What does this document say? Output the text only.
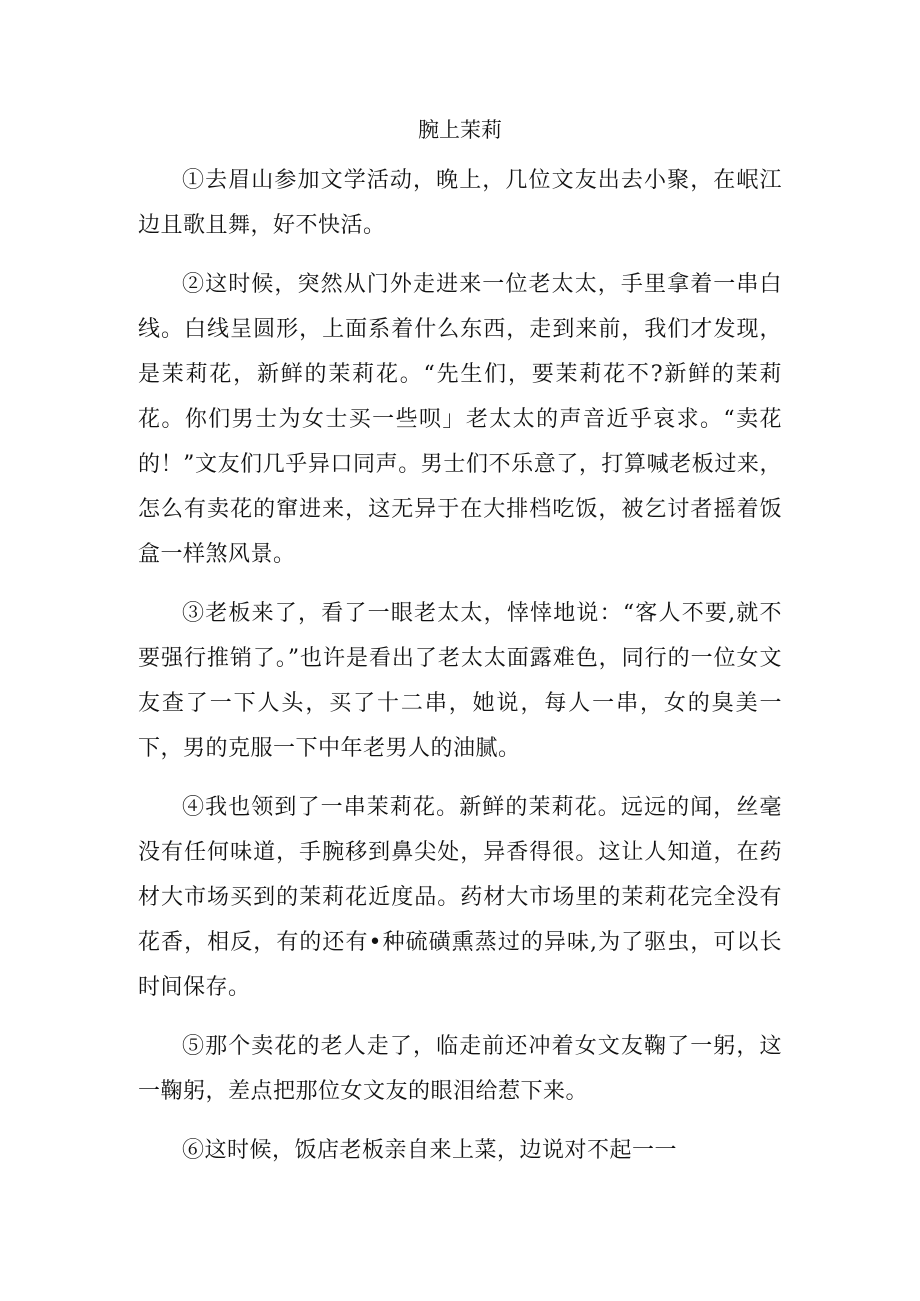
腕上茉莉

①去眉山参加文学活动，晚上，几位文友出去小聚，在岷江边且歌且舞，好不快活。

②这时候，突然从门外走进来一位老太太，手里拿着一串白线。白线呈圆形，上面系着什么东西，走到来前，我们才发现，是茉莉花，新鲜的茉莉花。“先生们，要茉莉花不?新鲜的茉莉花。你们男士为女士买一些呗」老太太的声音近乎哀求。“卖花的！”文友们几乎异口同声。男士们不乐意了，打算喊老板过来，怎么有卖花的窜进来，这无异于在大排档吃饭，被乞讨者摇着饭盒一样煞风景。

③老板来了，看了一眼老太太，悻悻地说：“客人不要,就不要强行推销了。”也许是看出了老太太面露难色，同行的一位女文友查了一下人头，买了十二串，她说，每人一串，女的臭美一下，男的克服一下中年老男人的油腻。

④我也领到了一串茉莉花。新鲜的茉莉花。远远的闻，丝毫没有任何味道，手腕移到鼻尖处，异香得很。这让人知道，在药材大市场买到的茉莉花近度品。药材大市场里的茉莉花完全没有花香，相反，有的还有•种硫磺熏蒸过的异味,为了驱虫，可以长时间保存。

⑤那个卖花的老人走了，临走前还冲着女文友鞠了一躬，这一鞠躬，差点把那位女文友的眼泪给惹下来。

⑥这时候，饭店老板亲自来上菜，边说对不起一一
